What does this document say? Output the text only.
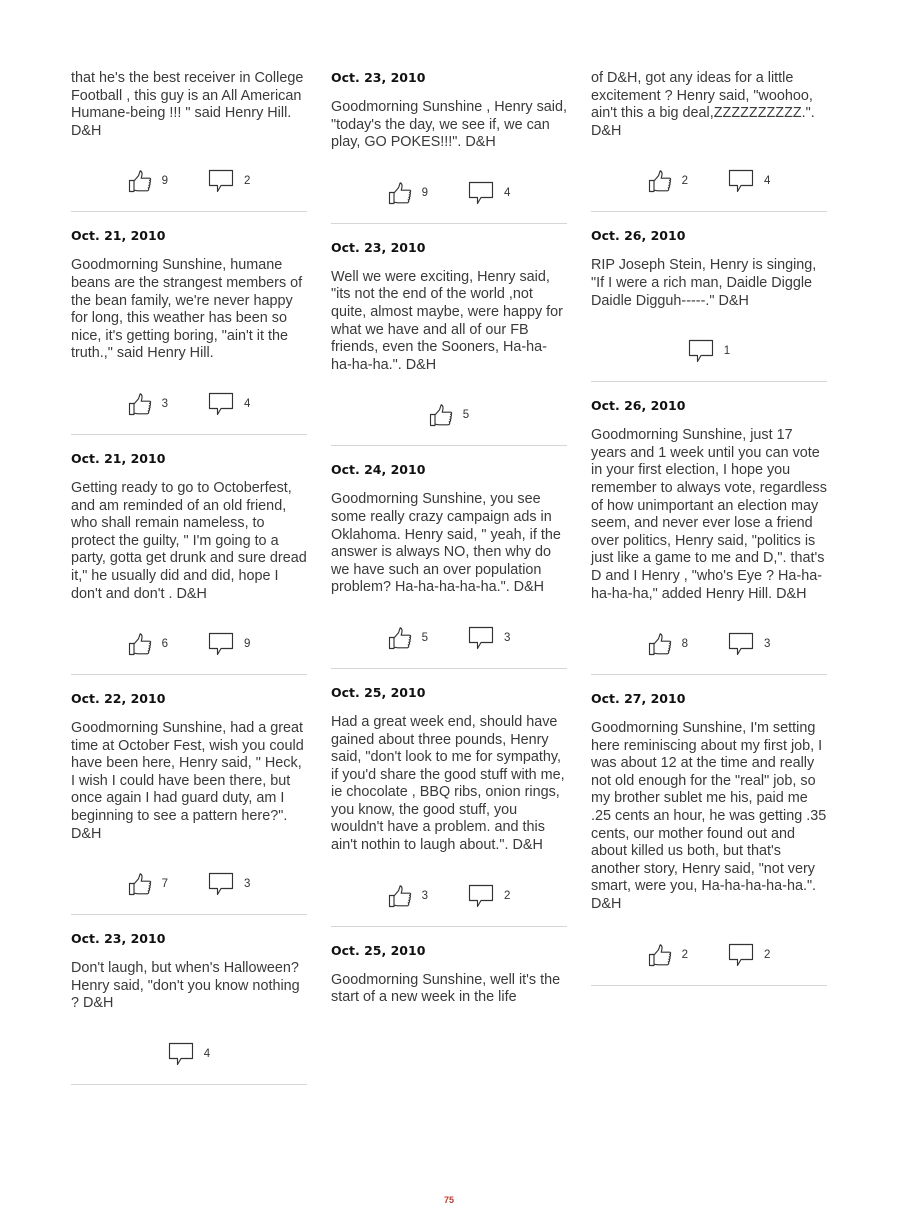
that he's the best receiver in College Football , this guy is an All American Humane-being !!! " said Henry Hill. D&H
9	2
Oct. 21, 2010
Goodmorning Sunshine, humane beans are the strangest members of the bean family, we're never happy for long, this weather has been so nice, it's getting boring, "ain't it the truth.," said Henry Hill.
3	4
Oct. 21, 2010
Getting ready to go to Octoberfest, and am reminded of an old friend, who shall remain nameless, to protect the guilty, " I'm going to a party, gotta get drunk and sure dread it," he usually did and did, hope I don't and don't . D&H
6	9
Oct. 22, 2010
Goodmorning Sunshine, had a great time at October Fest, wish you could have been here, Henry said, " Heck, I wish I could have been there, but once again I had guard duty, am I beginning to see a pattern here?". D&H
7	3
Oct. 23, 2010
Don't laugh, but when's Halloween? Henry said, "don't you know nothing ? D&H
4
Oct. 23, 2010
Goodmorning Sunshine , Henry said, "today's the day, we see if, we can play, GO POKES!!!". D&H
9	4
Oct. 23, 2010
Well we were exciting, Henry said, "its not the end of the world ,not quite, almost maybe, were happy for what we have and all of our FB friends, even the Sooners, Ha-ha-ha-ha-ha.". D&H
5
Oct. 24, 2010
Goodmorning Sunshine, you see some really crazy campaign ads in Oklahoma. Henry said, " yeah, if the answer is always NO, then why do we have such an over population problem? Ha-ha-ha-ha-ha.". D&H
5	3
Oct. 25, 2010
Had a great week end, should have gained about three pounds, Henry said, "don't look to me for sympathy, if you'd share the good stuff with me, ie chocolate , BBQ ribs, onion rings, you know, the good stuff, you wouldn't have a problem. and this ain't nothin to laugh about.". D&H
3	2
Oct. 25, 2010
Goodmorning Sunshine, well it's the start of a new week in the life
of D&H, got any ideas for a little excitement ? Henry said, "woohoo, ain't this a big deal,ZZZZZZZZZZ.". D&H
2	4
Oct. 26, 2010
RIP Joseph Stein, Henry is singing, "If I were a rich man, Daidle Diggle Daidle Digguh-----." D&H
1
Oct. 26, 2010
Goodmorning Sunshine, just 17 years and 1 week until you can vote in your first election, I hope you remember to always vote, regardless of how unimportant an election may seem, and never ever lose a friend over politics, Henry said, "politics is just like a game to me and D,". that's D and I Henry , "who's Eye ? Ha-ha-ha-ha-ha," added Henry Hill. D&H
8	3
Oct. 27, 2010
Goodmorning Sunshine, I'm setting here reminiscing about my first job, I was about 12 at the time and really not old enough for the "real" job, so my brother sublet me his, paid me .25 cents an hour, he was getting .35 cents, our mother found out and about killed us both, but that's another story, Henry said, "not very smart, were you, Ha-ha-ha-ha-ha.". D&H
2	2
75
